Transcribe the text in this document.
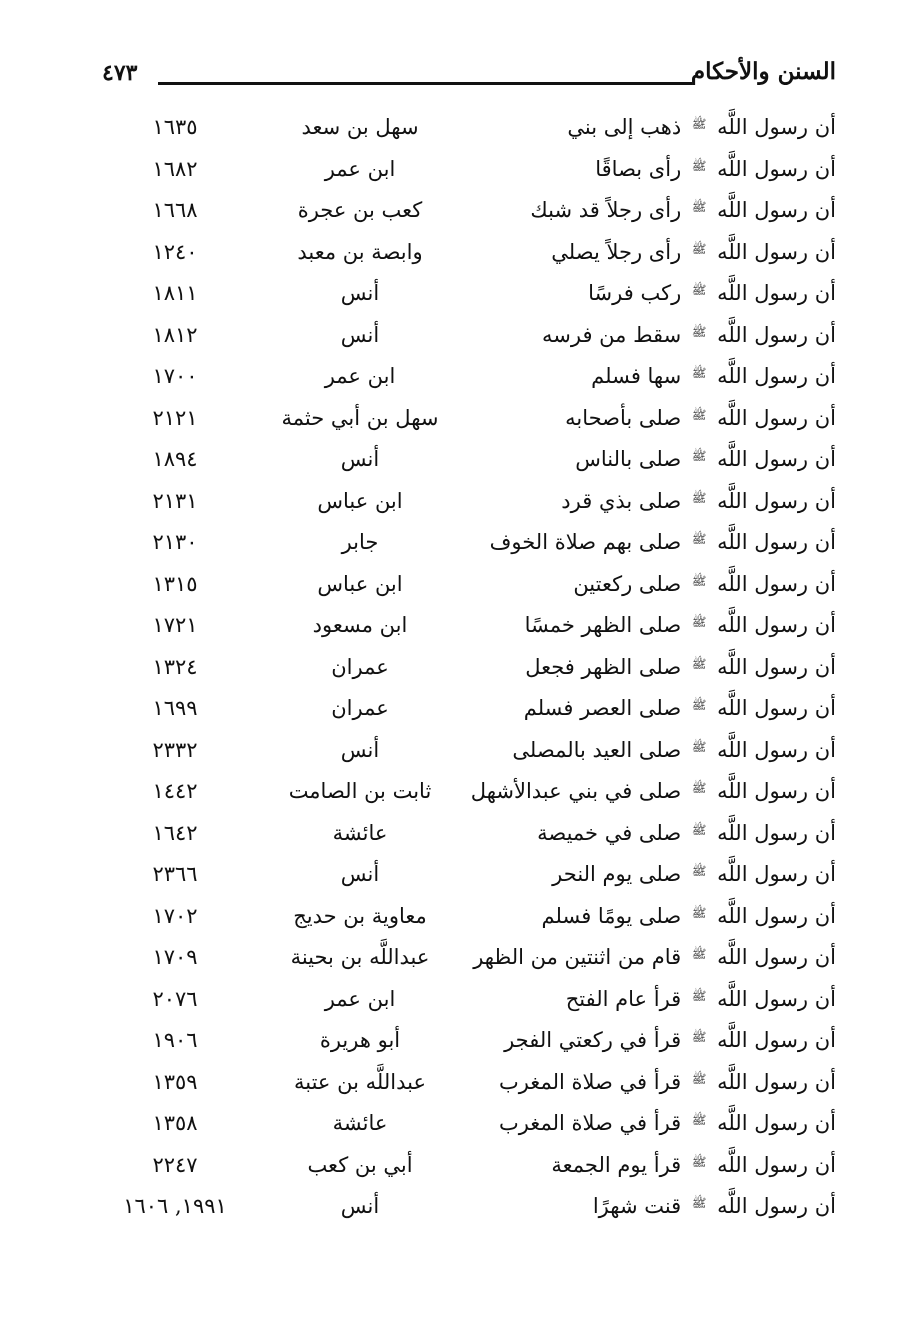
السنن والأحكام
٤٧٣
أن رسول اللَّه ﷺ ذهب إلى بني
سهل بن سعد
١٦٣٥
أن رسول اللَّه ﷺ رأى بصاقًا
ابن عمر
١٦٨٢
أن رسول اللَّه ﷺ رأى رجلاً قد شبك
كعب بن عجرة
١٦٦٨
أن رسول اللَّه ﷺ رأى رجلاً يصلي
وابصة بن معبد
١٢٤٠
أن رسول اللَّه ﷺ ركب فرسًا
أنس
١٨١١
أن رسول اللَّه ﷺ سقط من فرسه
أنس
١٨١٢
أن رسول اللَّه ﷺ سها فسلم
ابن عمر
١٧٠٠
أن رسول اللَّه ﷺ صلى بأصحابه
سهل بن أبي حثمة
٢١٢١
أن رسول اللَّه ﷺ صلى بالناس
أنس
١٨٩٤
أن رسول اللَّه ﷺ صلى بذي قرد
ابن عباس
٢١٣١
أن رسول اللَّه ﷺ صلى بهم صلاة الخوف
جابر
٢١٣٠
أن رسول اللَّه ﷺ صلى ركعتين
ابن عباس
١٣١٥
أن رسول اللَّه ﷺ صلى الظهر خمسًا
ابن مسعود
١٧٢١
أن رسول اللَّه ﷺ صلى الظهر فجعل
عمران
١٣٢٤
أن رسول اللَّه ﷺ صلى العصر فسلم
عمران
١٦٩٩
أن رسول اللَّه ﷺ صلى العيد بالمصلى
أنس
٢٣٣٢
أن رسول اللَّه ﷺ صلى في بني عبدالأشهل
ثابت بن الصامت
١٤٤٢
أن رسول اللَّه ﷺ صلى في خميصة
عائشة
١٦٤٢
أن رسول اللَّه ﷺ صلى يوم النحر
أنس
٢٣٦٦
أن رسول اللَّه ﷺ صلى يومًا فسلم
معاوية بن حديج
١٧٠٢
أن رسول اللَّه ﷺ قام من اثنتين من الظهر
عبداللَّه بن بحينة
١٧٠٩
أن رسول اللَّه ﷺ قرأ عام الفتح
ابن عمر
٢٠٧٦
أن رسول اللَّه ﷺ قرأ في ركعتي الفجر
أبو هريرة
١٩٠٦
أن رسول اللَّه ﷺ قرأ في صلاة المغرب
عبداللَّه بن عتبة
١٣٥٩
أن رسول اللَّه ﷺ قرأ في صلاة المغرب
عائشة
١٣٥٨
أن رسول اللَّه ﷺ قرأ يوم الجمعة
أبي بن كعب
٢٢٤٧
أن رسول اللَّه ﷺ قنت شهرًا
أنس
١٩٩١, ١٦٠٦
